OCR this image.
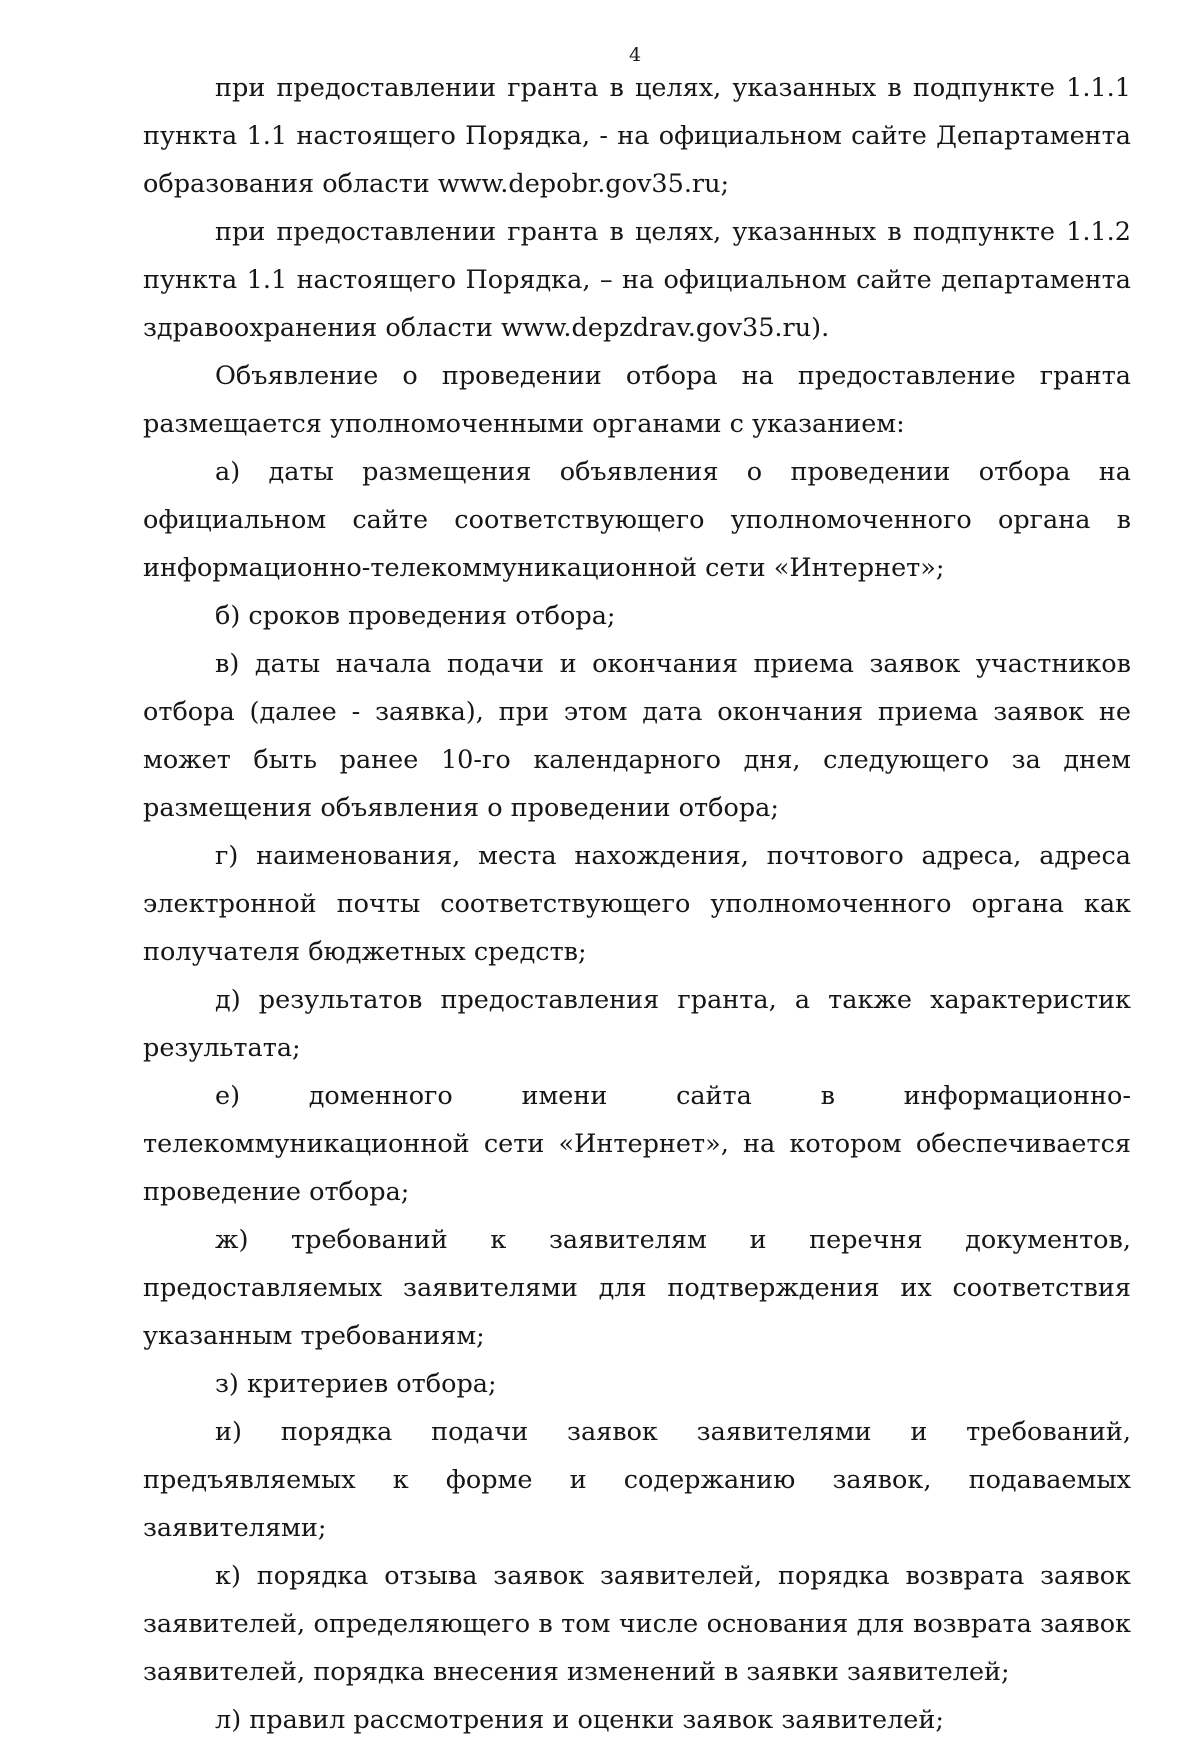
4

при предоставлении гранта в целях, указанных в подпункте 1.1.1 пункта 1.1 настоящего Порядка, - на официальном сайте Департамента образования области www.depobr.gov35.ru;

при предоставлении гранта в целях, указанных в подпункте 1.1.2 пункта 1.1 настоящего Порядка, – на официальном сайте департамента здравоохранения области www.depzdrav.gov35.ru).

Объявление о проведении отбора на предоставление гранта размещается уполномоченными органами с указанием:

а) даты размещения объявления о проведении отбора на официальном сайте соответствующего уполномоченного органа в информационно-телекоммуникационной сети «Интернет»;

б) сроков проведения отбора;

в) даты начала подачи и окончания приема заявок участников отбора (далее - заявка), при этом дата окончания приема заявок не может быть ранее 10-го календарного дня, следующего за днем размещения объявления о проведении отбора;

г) наименования, места нахождения, почтового адреса, адреса электронной почты соответствующего уполномоченного органа как получателя бюджетных средств;

д) результатов предоставления гранта, а также характеристик результата;

е) доменного имени сайта в информационно-телекоммуникационной сети «Интернет», на котором обеспечивается проведение отбора;

ж) требований к заявителям и перечня документов, предоставляемых заявителями для подтверждения их соответствия указанным требованиям;

з) критериев отбора;

и) порядка подачи заявок заявителями и требований, предъявляемых к форме и содержанию заявок, подаваемых заявителями;

к) порядка отзыва заявок заявителей, порядка возврата заявок заявителей, определяющего в том числе основания для возврата заявок заявителей, порядка внесения изменений в заявки заявителей;

л) правил рассмотрения и оценки заявок заявителей;
